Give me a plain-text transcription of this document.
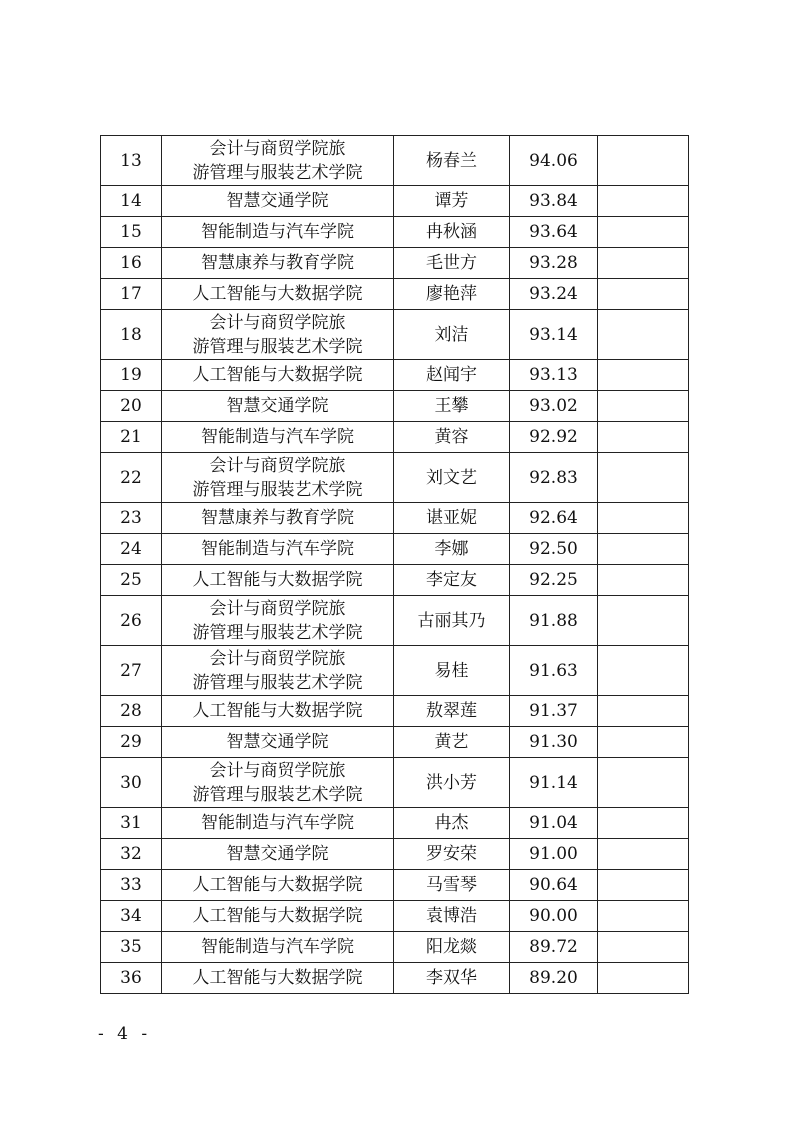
13	会计与商贸学院旅
游管理与服装艺术学院	杨春兰	94.06	
14	智慧交通学院	谭芳	93.84	
15	智能制造与汽车学院	冉秋涵	93.64	
16	智慧康养与教育学院	毛世方	93.28	
17	人工智能与大数据学院	廖艳萍	93.24	
18	会计与商贸学院旅
游管理与服装艺术学院	刘洁	93.14	
19	人工智能与大数据学院	赵闻宇	93.13	
20	智慧交通学院	王攀	93.02	
21	智能制造与汽车学院	黄容	92.92	
22	会计与商贸学院旅
游管理与服装艺术学院	刘文艺	92.83	
23	智慧康养与教育学院	谌亚妮	92.64	
24	智能制造与汽车学院	李娜	92.50	
25	人工智能与大数据学院	李定友	92.25	
26	会计与商贸学院旅
游管理与服装艺术学院	古丽其乃	91.88	
27	会计与商贸学院旅
游管理与服装艺术学院	易桂	91.63	
28	人工智能与大数据学院	敖翠莲	91.37	
29	智慧交通学院	黄艺	91.30	
30	会计与商贸学院旅
游管理与服装艺术学院	洪小芳	91.14	
31	智能制造与汽车学院	冉杰	91.04	
32	智慧交通学院	罗安荣	91.00	
33	人工智能与大数据学院	马雪琴	90.64	
34	人工智能与大数据学院	袁博浩	90.00	
35	智能制造与汽车学院	阳龙燚	89.72	
36	人工智能与大数据学院	李双华	89.20	
- 4 -
